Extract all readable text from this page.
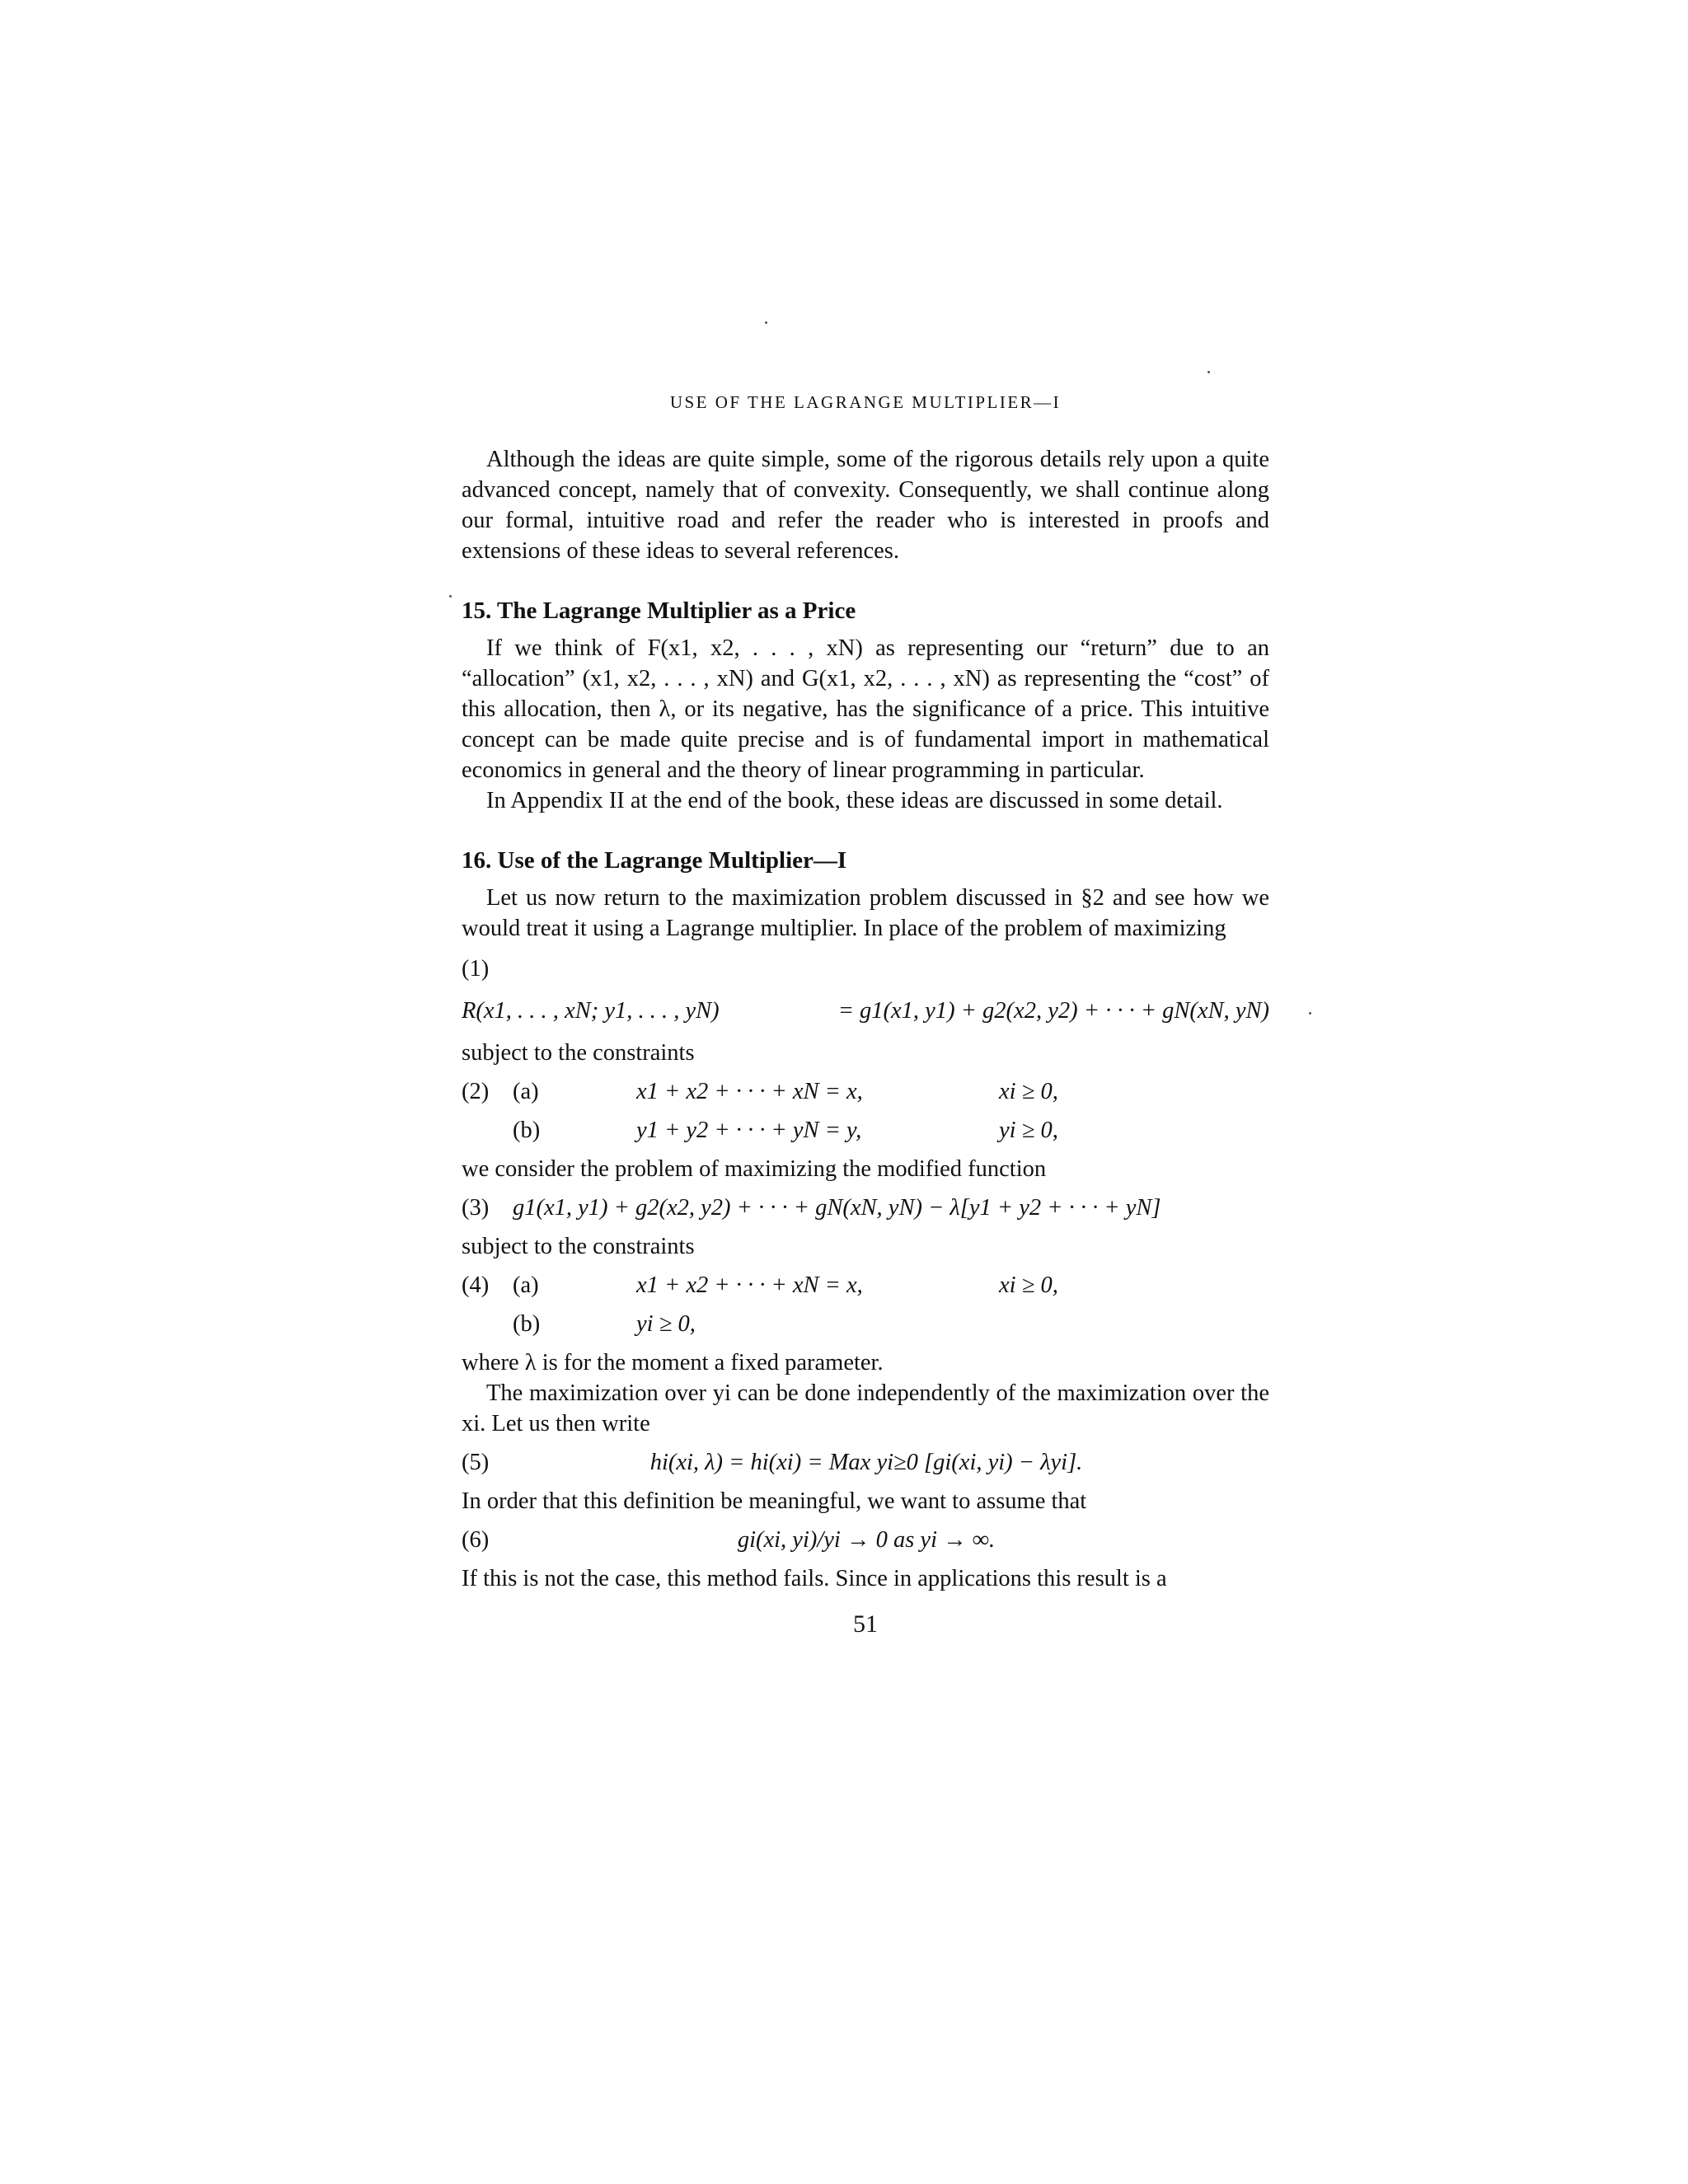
USE OF THE LAGRANGE MULTIPLIER—I

Although the ideas are quite simple, some of the rigorous details rely upon a quite advanced concept, namely that of convexity. Consequently, we shall continue along our formal, intuitive road and refer the reader who is interested in proofs and extensions of these ideas to several references.

15. The Lagrange Multiplier as a Price

If we think of F(x1, x2, . . . , xN) as representing our “return” due to an “allocation” (x1, x2, . . . , xN) and G(x1, x2, . . . , xN) as representing the “cost” of this allocation, then λ, or its negative, has the significance of a price. This intuitive concept can be made quite precise and is of fundamental import in mathematical economics in general and the theory of linear programming in particular.

In Appendix II at the end of the book, these ideas are discussed in some detail.

16. Use of the Lagrange Multiplier—I

Let us now return to the maximization problem discussed in §2 and see how we would treat it using a Lagrange multiplier. In place of the problem of maximizing

(1)
R(x1, . . . , xN; y1, . . . , yN)	= g1(x1, y1) + g2(x2, y2) + · · · + gN(xN, yN)

subject to the constraints

(2)	(a)	x1 + x2 + · · · + xN = x,	xi ≥ 0,
(b)	y1 + y2 + · · · + yN = y,	yi ≥ 0,

we consider the problem of maximizing the modified function

(3)	g1(x1, y1) + g2(x2, y2) + · · · + gN(xN, yN) − λ[y1 + y2 + · · · + yN]

subject to the constraints

(4)	(a)	x1 + x2 + · · · + xN = x,	xi ≥ 0,
(b)	yi ≥ 0,

where λ is for the moment a fixed parameter.

The maximization over yi can be done independently of the maximization over the xi. Let us then write

(5)	hi(xi, λ) = hi(xi) = Max yi≥0 [gi(xi, yi) − λyi].

In order that this definition be meaningful, we want to assume that

(6)	gi(xi, yi)/yi → 0 as yi → ∞.

If this is not the case, this method fails. Since in applications this result is a

51
